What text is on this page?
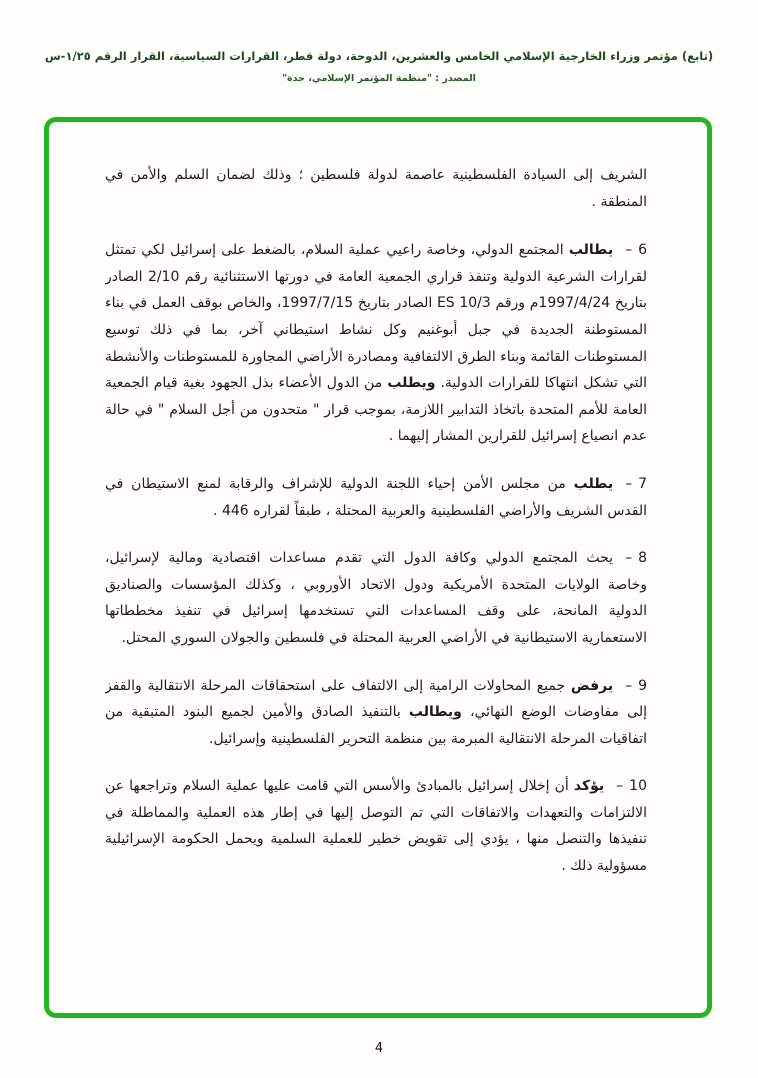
(تابع) مؤتمر وزراء الخارجية الإسلامي الخامس والعشرين، الدوحة، دولة قطر، القرارات السياسية، القرار الرقم ١/٢٥-س
المصدر : "منظمة المؤتمر الإسلامي، جدة"

الشريف إلى السيادة الفلسطينية عاصمة لدولة فلسطين ؛ وذلك لضمان السلم والأمن في المنطقة .

6–يطالب المجتمع الدولي، وخاصة راعيي عملية السلام، بالضغط على إسرائيل لكي تمتثل لقرارات الشرعية الدولية وتنفذ قراري الجمعية العامة في دورتها الاستثنائية رقم 2/10 الصادر بتاريخ 1997/4/24م ورقم ES 10/3 الصادر بتاريخ 1997/7/15، والخاص بوقف العمل في بناء المستوطنة الجديدة في جبل أبوغنيم وكل نشاط استيطاني آخر، بما في ذلك توسيع المستوطنات القائمة وبناء الطرق الالتفافية ومصادرة الأراضي المجاورة للمستوطنات والأنشطة التي تشكل انتهاكا للقرارات الدولية. ويطلب من الدول الأعضاء بذل الجهود بغية قيام الجمعية العامة للأمم المتحدة باتخاذ التدابير اللازمة، بموجب قرار " متحدون من أجل السلام " في حالة عدم انصياع إسرائيل للقرارين المشار إليهما .

7–يطلب من مجلس الأمن إحياء اللجنة الدولية للإشراف والرقابة لمنع الاستيطان في القدس الشريف والأراضي الفلسطينية والعربية المحتلة ، طبقاً لقراره 446 .

8–يحث المجتمع الدولي وكافة الدول التي تقدم مساعدات اقتصادية ومالية لإسرائيل، وخاصة الولايات المتحدة الأمريكية ودول الاتحاد الأوروبي ، وكذلك المؤسسات والصناديق الدولية المانحة، على وقف المساعدات التي تستخدمها إسرائيل في تنفيذ مخططاتها الاستعمارية الاستيطانية في الأراضي العربية المحتلة في فلسطين والجولان السوري المحتل.

9–يرفض جميع المحاولات الرامية إلى الالتفاف على استحقاقات المرحلة الانتقالية والقفز إلى مفاوضات الوضع النهائي، ويطالب بالتنفيذ الصادق والأمين لجميع البنود المتبقية من اتفاقيات المرحلة الانتقالية المبرمة بين منظمة التحرير الفلسطينية وإسرائيل.

10–يؤكد أن إخلال إسرائيل بالمبادئ والأسس التي قامت عليها عملية السلام وتراجعها عن الالتزامات والتعهدات والاتفاقات التي تم التوصل إليها في إطار هذه العملية والمماطلة في تنفيذها والتنصل منها ، يؤدي إلى تقويض خطير للعملية السلمية ويحمل الحكومة الإسرائيلية مسؤولية ذلك .

4
